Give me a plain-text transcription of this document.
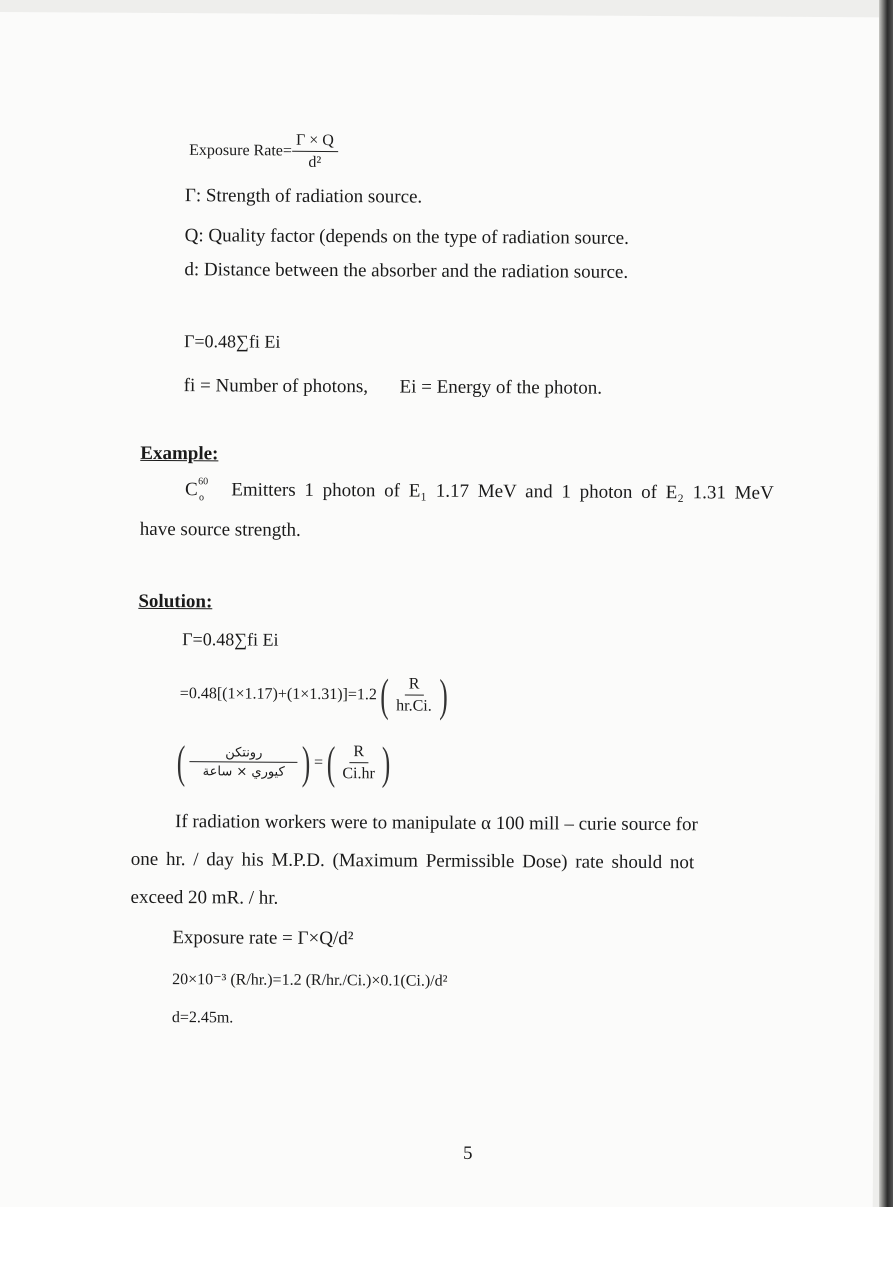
Exposure Rate= $\frac{\Gamma \times Q}{\text{d²}}$
Γ: Strength of radiation source.
Q: Quality factor (depends on the type of radiation source.
d: Distance between the absorber and the radiation source.
Γ=0.48∑fi Ei
fi = Number of photons, Ei = Energy of the photon.
Example:
C 60
o Emitters 1 photon of E₁ 1.17 MeV and 1 photon of E₂ 1.31 MeV
have source strength.
Solution:
Γ=0.48∑fi Ei
$=0.48[(1\times 1.17)+(1\times 1.31)]=1.2( \frac{R}{hr.Ci.}$ )
( $\frac{\text{رونتكن}}{\text{كيوري × ساعة}}$ ) =( $\frac{R}{Ci.hr}$ )
If radiation workers were to manipulate α 100 mill – curie source for
one hr. / day his M.P.D. (Maximum Permissible Dose) rate should not
exceed 20 mR. / hr.
Exposure rate = Γ×Q/d²
20×10⁻³ (R/hr.)=1.2 (R/hr./Ci.)×0.1(Ci.)/d²
d=2.45m.
5
